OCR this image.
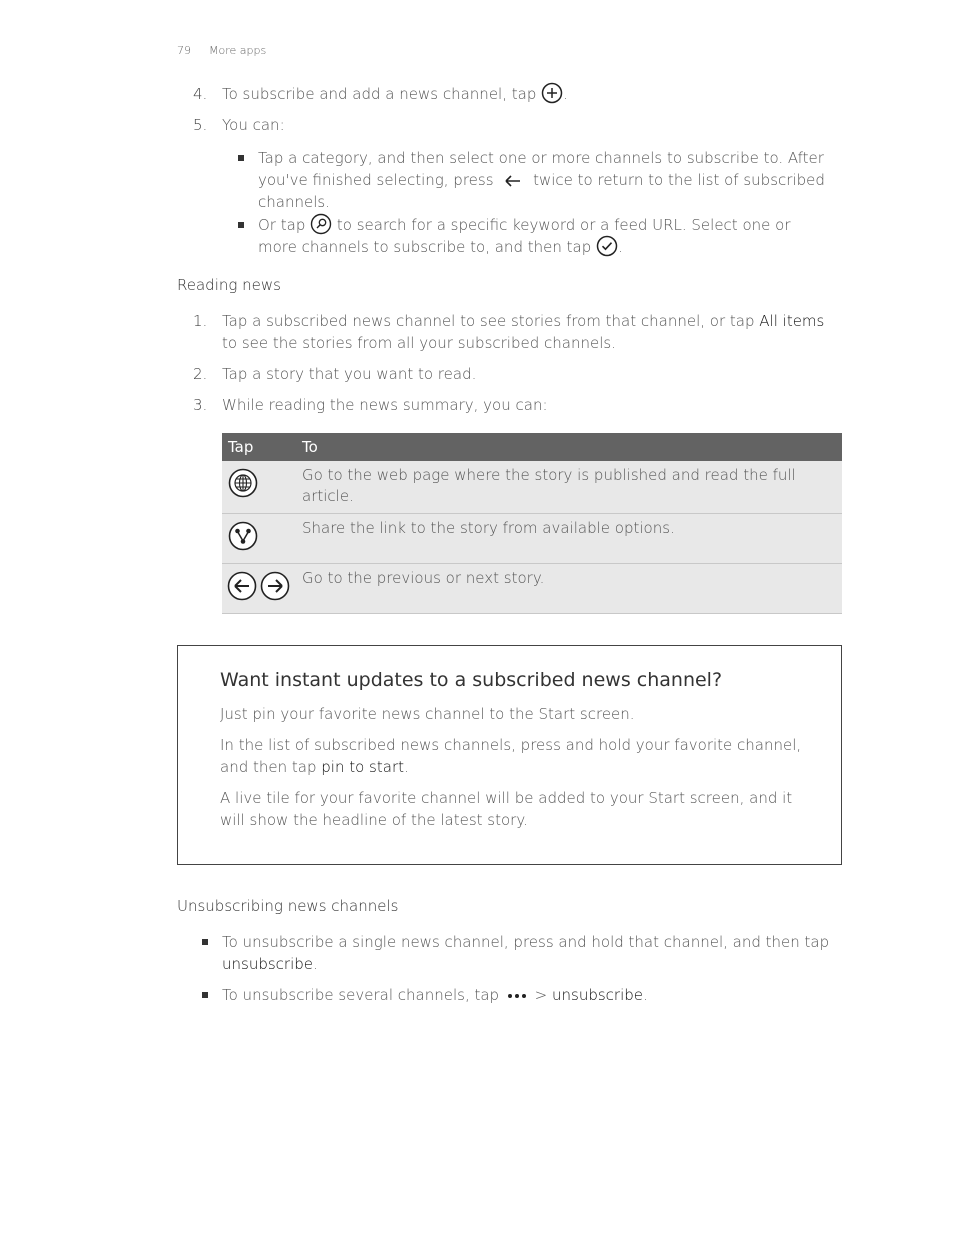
79 More apps
4. To subscribe and add a news channel, tap .
5. You can:
Tap a category, and then select one or more channels to subscribe to. After
you've finished selecting, press	twice to return to the list of subscribed
channels.
Or tap to search for a specific keyword or a feed URL. Select one or
more channels to subscribe to, and then tap .
Reading news
1. Tap a subscribed news channel to see stories from that channel, or tap All items
to see the stories from all your subscribed channels.
2. Tap a story that you want to read.
3. While reading the news summary, you can:
Tap	To
	Go to the web page where the story is published and read the full article.
	Share the link to the story from available options.
	Go to the previous or next story.
Want instant updates to a subscribed news channel?

Just pin your favorite news channel to the Start screen.

In the list of subscribed news channels, press and hold your favorite channel, and then tap pin to start.

A live tile for your favorite channel will be added to your Start screen, and it will show the headline of the latest story.

Unsubscribing news channels
To unsubscribe a single news channel, press and hold that channel, and then tap
unsubscribe.
To unsubscribe several channels, tap > unsubscribe.
